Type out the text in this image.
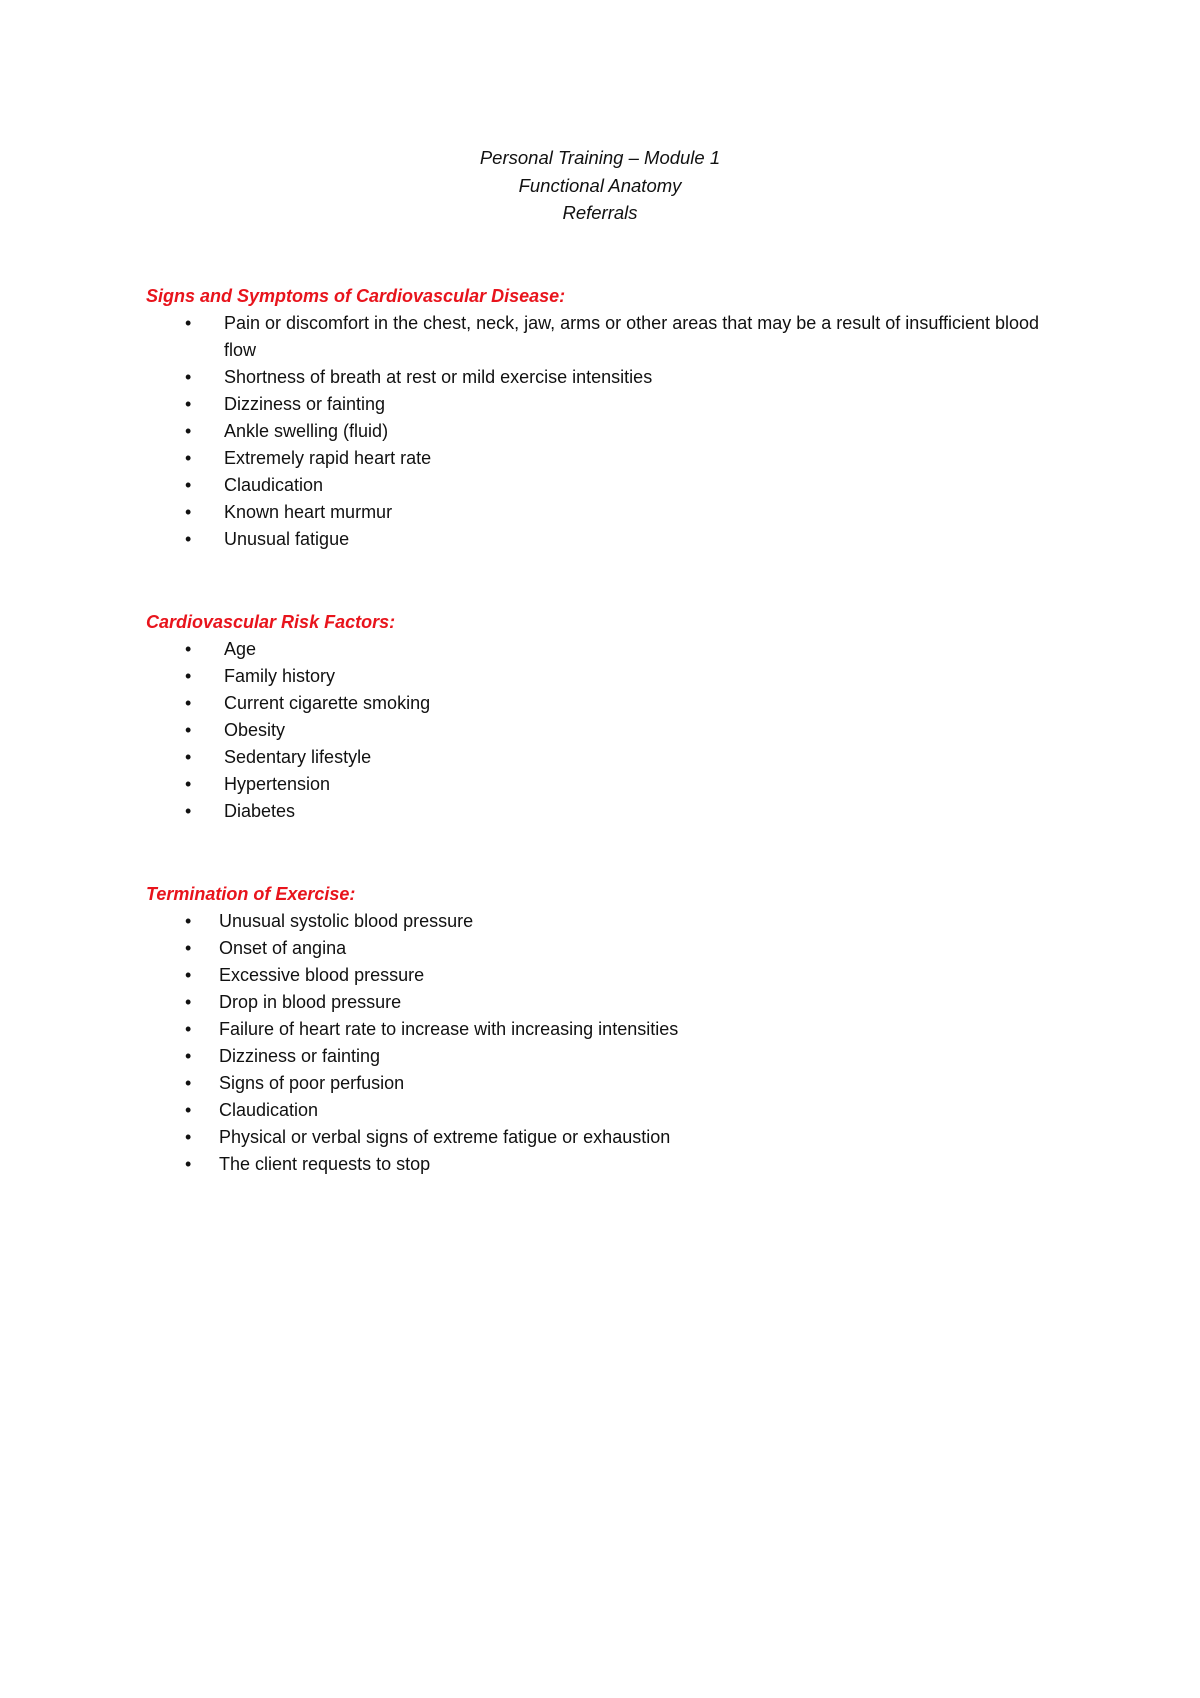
Personal Training – Module 1
Functional Anatomy
Referrals
Signs and Symptoms of Cardiovascular Disease:
• Pain or discomfort in the chest, neck, jaw, arms or other areas that may be a result of insufficient blood flow
• Shortness of breath at rest or mild exercise intensities
• Dizziness or fainting
• Ankle swelling (fluid)
• Extremely rapid heart rate
• Claudication
• Known heart murmur
• Unusual fatigue
Cardiovascular Risk Factors:
• Age
• Family history
• Current cigarette smoking
• Obesity
• Sedentary lifestyle
• Hypertension
• Diabetes
Termination of Exercise:
• Unusual systolic blood pressure
• Onset of angina
• Excessive blood pressure
• Drop in blood pressure
• Failure of heart rate to increase with increasing intensities
• Dizziness or fainting
• Signs of poor perfusion
• Claudication
• Physical or verbal signs of extreme fatigue or exhaustion
• The client requests to stop
